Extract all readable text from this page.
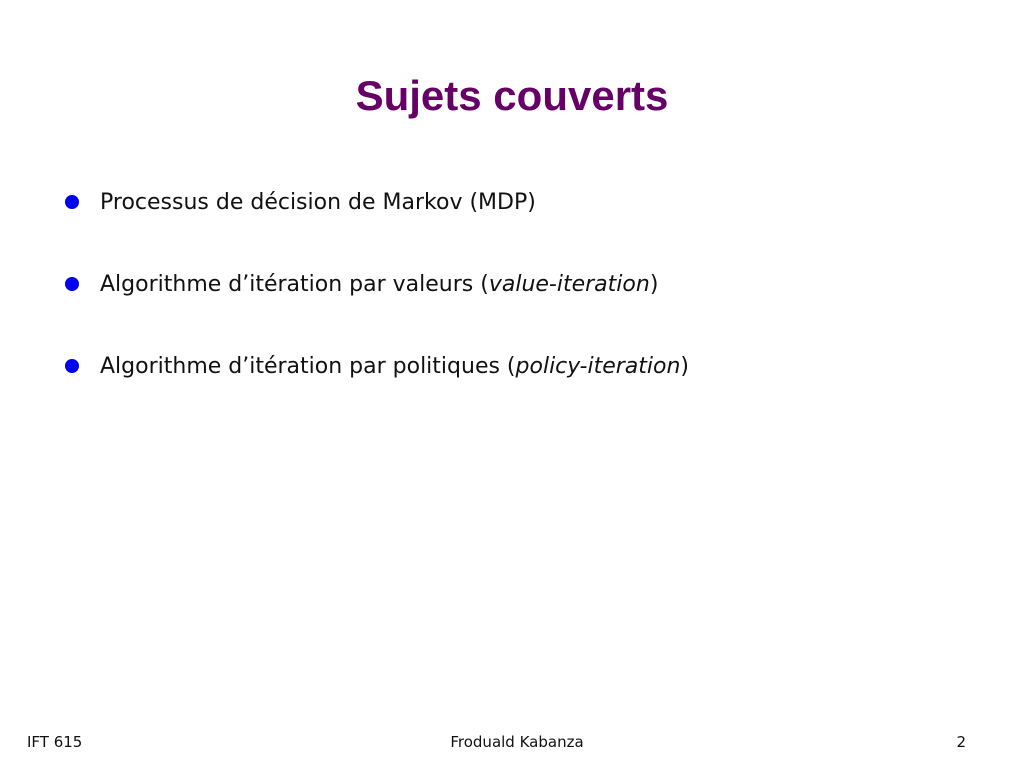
Sujets couverts
Processus de décision de Markov (MDP)
Algorithme d’itération par valeurs (value-iteration)
Algorithme d’itération par politiques (policy-iteration)
IFT 615	Froduald Kabanza	2
